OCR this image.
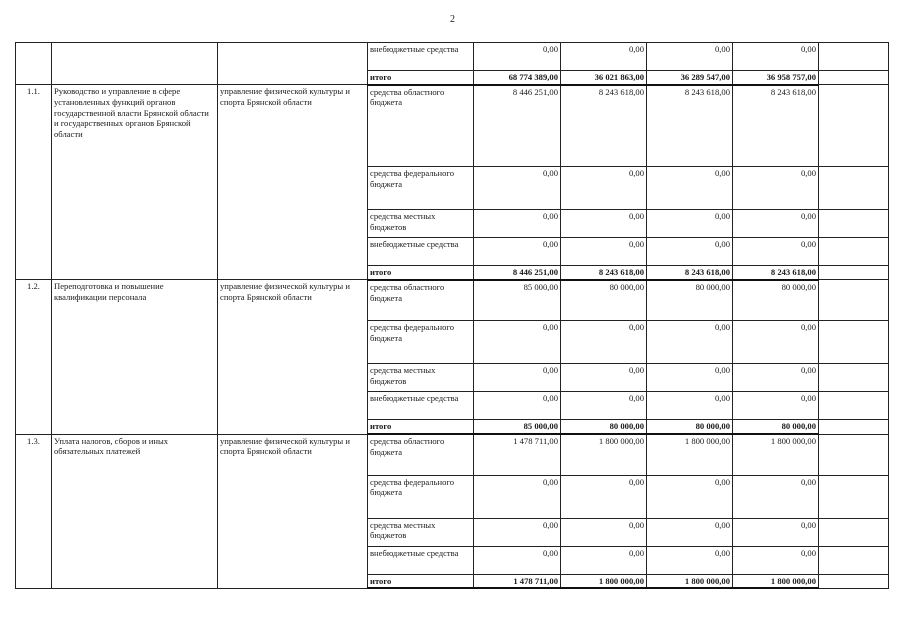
2
			внебюджетные средства	0,00	0,00	0,00	0,00	
			итого	68 774 389,00	36 021 863,00	36 289 547,00	36 958 757,00	
1.1.	Руководство и управление в сфере установленных функций органов государственной власти Брянской области и государственных органов Брянской области	управление физической культуры и спорта Брянской области	средства областного бюджета	8 446 251,00	8 243 618,00	8 243 618,00	8 243 618,00	
			средства федерального бюджета	0,00	0,00	0,00	0,00	
			средства местных бюджетов	0,00	0,00	0,00	0,00	
			внебюджетные средства	0,00	0,00	0,00	0,00	
			итого	8 446 251,00	8 243 618,00	8 243 618,00	8 243 618,00	
1.2.	Переподготовка и повышение квалификации персонала	управление физической культуры и спорта Брянской области	средства областного бюджета	85 000,00	80 000,00	80 000,00	80 000,00	
			средства федерального бюджета	0,00	0,00	0,00	0,00	
			средства местных бюджетов	0,00	0,00	0,00	0,00	
			внебюджетные средства	0,00	0,00	0,00	0,00	
			итого	85 000,00	80 000,00	80 000,00	80 000,00	
1.3.	Уплата налогов, сборов и иных обязательных платежей	управление физической культуры и спорта Брянской области	средства областного бюджета	1 478 711,00	1 800 000,00	1 800 000,00	1 800 000,00	
			средства федерального бюджета	0,00	0,00	0,00	0,00	
			средства местных бюджетов	0,00	0,00	0,00	0,00	
			внебюджетные средства	0,00	0,00	0,00	0,00	
			итого	1 478 711,00	1 800 000,00	1 800 000,00	1 800 000,00	
